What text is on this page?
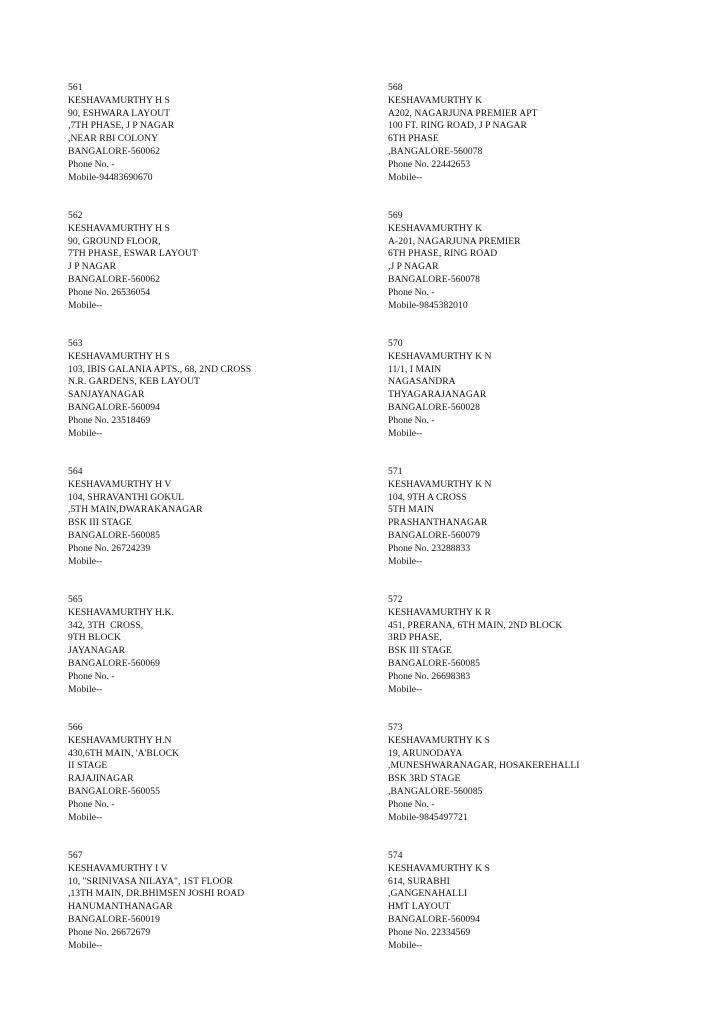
561
KESHAVAMURTHY H S
90, ESHWARA LAYOUT
,7TH PHASE, J P NAGAR
,NEAR RBI COLONY
BANGALORE-560062
Phone No. -
Mobile-94483690670
562
KESHAVAMURTHY H S
90, GROUND FLOOR,
7TH PHASE, ESWAR LAYOUT
J P NAGAR
BANGALORE-560062
Phone No. 26536054
Mobile--
563
KESHAVAMURTHY H S
103, IBIS GALANIA APTS., 68, 2ND CROSS
N.R. GARDENS, KEB LAYOUT
SANJAYANAGAR
BANGALORE-560094
Phone No. 23518469
Mobile--
564
KESHAVAMURTHY H V
104, SHRAVANTHI GOKUL
,5TH MAIN,DWARAKANAGAR
BSK III STAGE
BANGALORE-560085
Phone No. 26724239
Mobile--
565
KESHAVAMURTHY H.K.
342, 3TH  CROSS,
9TH BLOCK
JAYANAGAR
BANGALORE-560069
Phone No. -
Mobile--
566
KESHAVAMURTHY H.N
430,6TH MAIN, 'A'BLOCK
II STAGE
RAJAJINAGAR
BANGALORE-560055
Phone No. -
Mobile--
567
KESHAVAMURTHY I V
10, "SRINIVASA NILAYA", 1ST FLOOR
,13TH MAIN, DR.BHIMSEN JOSHI ROAD
HANUMANTHANAGAR
BANGALORE-560019
Phone No. 26672679
Mobile--
568
KESHAVAMURTHY K
A202, NAGARJUNA PREMIER APT
100 FT. RING ROAD, J P NAGAR
6TH PHASE
,BANGALORE-560078
Phone No. 22442653
Mobile--
569
KESHAVAMURTHY K
A-201, NAGARJUNA PREMIER
6TH PHASE, RING ROAD
,J P NAGAR
BANGALORE-560078
Phone No. -
Mobile-9845382010
570
KESHAVAMURTHY K N
11/1, I MAIN
NAGASANDRA
THYAGARAJANAGAR
BANGALORE-560028
Phone No. -
Mobile--
571
KESHAVAMURTHY K N
104, 9TH A CROSS
5TH MAIN
PRASHANTHANAGAR
BANGALORE-560079
Phone No. 23288833
Mobile--
572
KESHAVAMURTHY K R
451, PRERANA, 6TH MAIN, 2ND BLOCK
3RD PHASE,
BSK III STAGE
BANGALORE-560085
Phone No. 26698383
Mobile--
573
KESHAVAMURTHY K S
19, ARUNODAYA
,MUNESHWARANAGAR, HOSAKEREHALLI
BSK 3RD STAGE
,BANGALORE-560085
Phone No. -
Mobile-9845497721
574
KESHAVAMURTHY K S
614, SURABHI
,GANGENAHALLI
HMT LAYOUT
BANGALORE-560094
Phone No. 22334569
Mobile--
